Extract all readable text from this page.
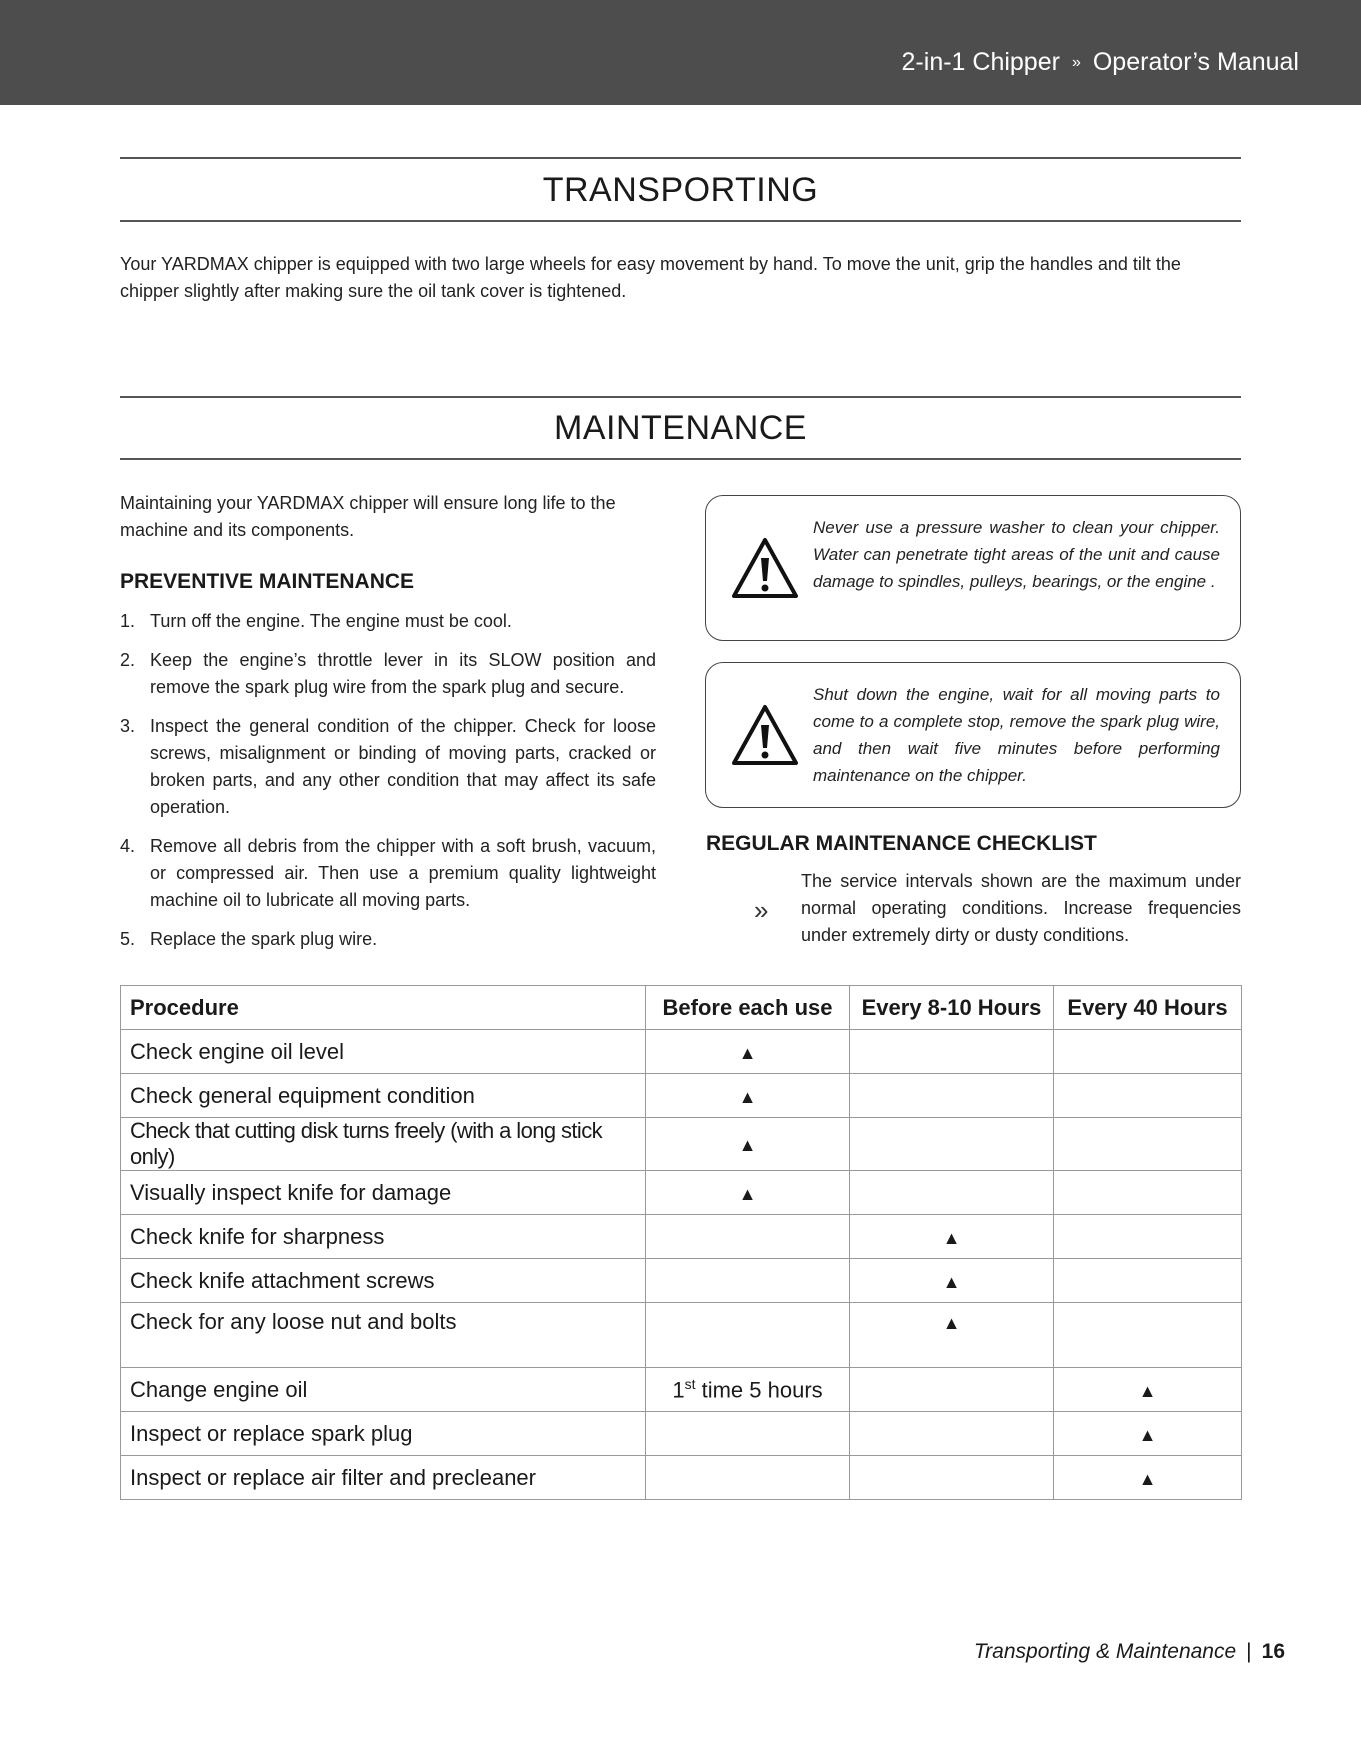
2-in-1 Chipper » Operator’s Manual
TRANSPORTING
Your YARDMAX chipper is equipped with two large wheels for easy movement by hand. To move the unit, grip the handles and tilt the chipper slightly after making sure the oil tank cover is tightened.
MAINTENANCE

Maintaining your YARDMAX chipper will ensure long life to the machine and its components.

PREVENTIVE MAINTENANCE
1. Turn off the engine. The engine must be cool.
2. Keep the engine’s throttle lever in its SLOW position and remove the spark plug wire from the spark plug and secure.
3. Inspect the general condition of the chipper. Check for loose screws, misalignment or binding of moving parts, cracked or broken parts, and any other condition that may affect its safe operation.
4. Remove all debris from the chipper with a soft brush, vacuum, or compressed air. Then use a premium quality lightweight machine oil to lubricate all moving parts.
5. Replace the spark plug wire.
Never use a pressure washer to clean your chipper. Water can penetrate tight areas of the unit and cause damage to spindles, pulleys, bearings, or the engine .
Shut down the engine, wait for all moving parts to come to a complete stop, remove the spark plug wire, and then wait five minutes before performing maintenance on the chipper.
REGULAR MAINTENANCE CHECKLIST
»
The service intervals shown are the maximum under normal operating conditions. Increase frequencies under extremely dirty or dusty conditions.
Procedure	Before each use	Every 8-10 Hours	Every 40 Hours
Check engine oil level	▲		
Check general equipment condition	▲		
Check that cutting disk turns freely (with a long stick only)	▲		
Visually inspect knife for damage	▲		
Check knife for sharpness		▲	
Check knife attachment screws		▲	
Check for any loose nut and bolts		▲	
Change engine oil	1st time 5 hours		▲
Inspect or replace spark plug			▲
Inspect or replace air filter and precleaner			▲
Transporting & Maintenance | 16
